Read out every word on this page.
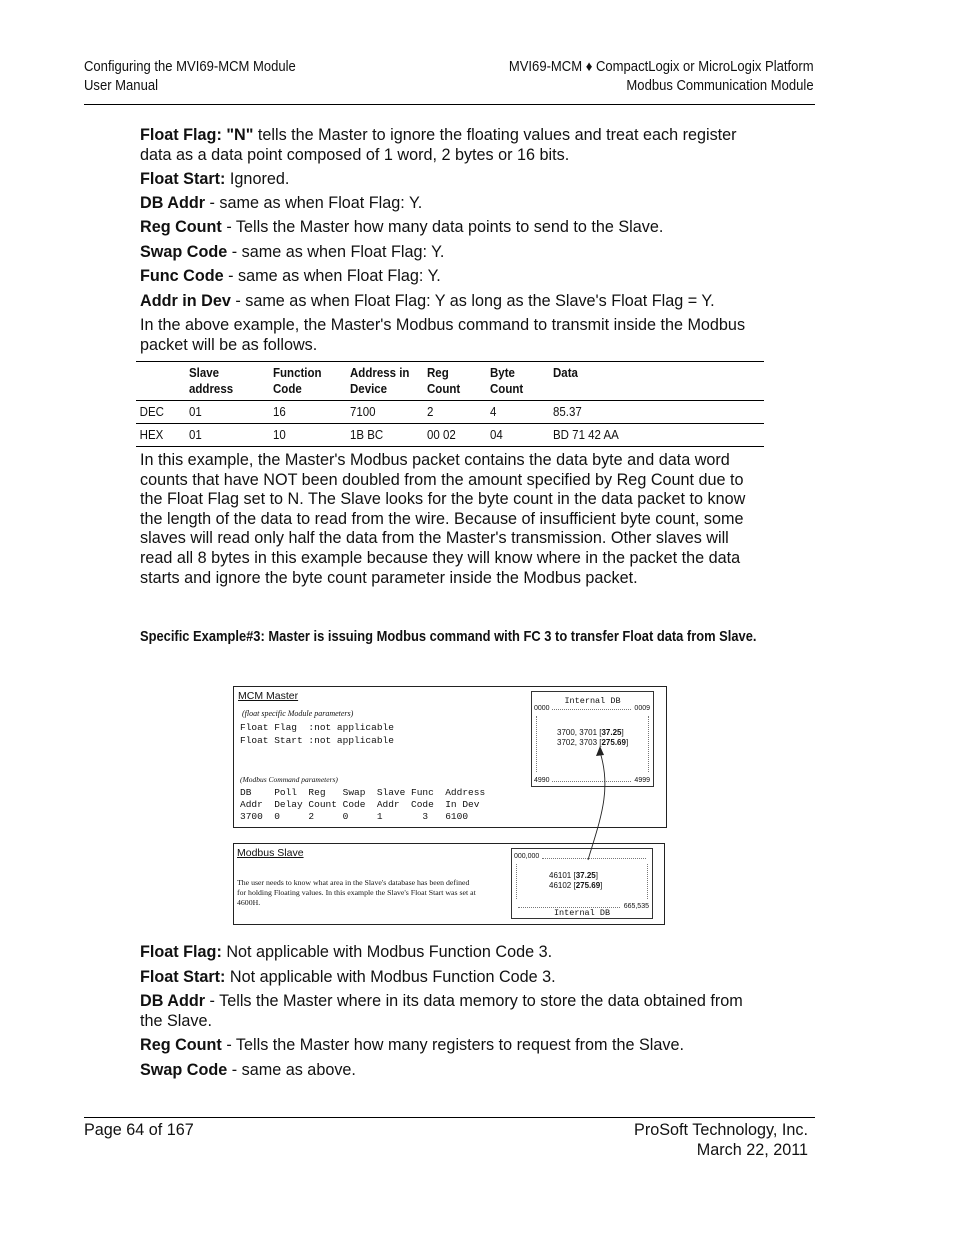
Configuring the MVI69-MCM Module
User Manual
MVI69-MCM ♦ CompactLogix or MicroLogix Platform
Modbus Communication Module
Float Flag: "N" tells the Master to ignore the floating values and treat each register data as a data point composed of 1 word, 2 bytes or 16 bits.
Float Start: Ignored.
DB Addr - same as when Float Flag: Y.
Reg Count - Tells the Master how many data points to send to the Slave.
Swap Code - same as when Float Flag: Y.
Func Code - same as when Float Flag: Y.
Addr in Dev - same as when Float Flag: Y as long as the Slave's Float Flag = Y.
In the above example, the Master's Modbus command to transmit inside the Modbus packet will be as follows.
	Slave address	Function Code	Address in Device	Reg Count	Byte Count	Data
DEC	01	16	7100	2	4	85.37
HEX	01	10	1B BC	00 02	04	BD 71 42 AA
In this example, the Master's Modbus packet contains the data byte and data word counts that have NOT been doubled from the amount specified by Reg Count due to the Float Flag set to N. The Slave looks for the byte count in the data packet to know the length of the data to read from the wire. Because of insufficient byte count, some slaves will read only half the data from the Master's transmission. Other slaves will read all 8 bytes in this example because they will know where in the packet the data starts and ignore the byte count parameter inside the Modbus packet.
Specific Example#3: Master is issuing Modbus command with FC 3 to transfer Float data from Slave.
MCM Master
(float specific Module parameters)
Float Flag  :not applicable
Float Start :not applicable
(Modbus Command parameters)
DB    Poll  Reg   Swap  Slave Func  Address
Addr  Delay Count Code  Addr  Code  In Dev
3700  0     2     0     1       3   6100
Internal DB
0000	0009
3700, 3701 [37.25]
3702, 3703 [275.69]
4990	4999
Modbus Slave
The user needs to know what area in the Slave's database has been defined for holding Floating values. In this example the Slave's Float Start was set at 4600H.
000,000
46101 [37.25]
46102 [275.69]
665,535
Internal DB
Float Flag: Not applicable with Modbus Function Code 3.
Float Start: Not applicable with Modbus Function Code 3.
DB Addr - Tells the Master where in its data memory to store the data obtained from the Slave.
Reg Count - Tells the Master how many registers to request from the Slave.
Swap Code - same as above.
Page 64 of 167	ProSoft Technology, Inc.
March 22, 2011
